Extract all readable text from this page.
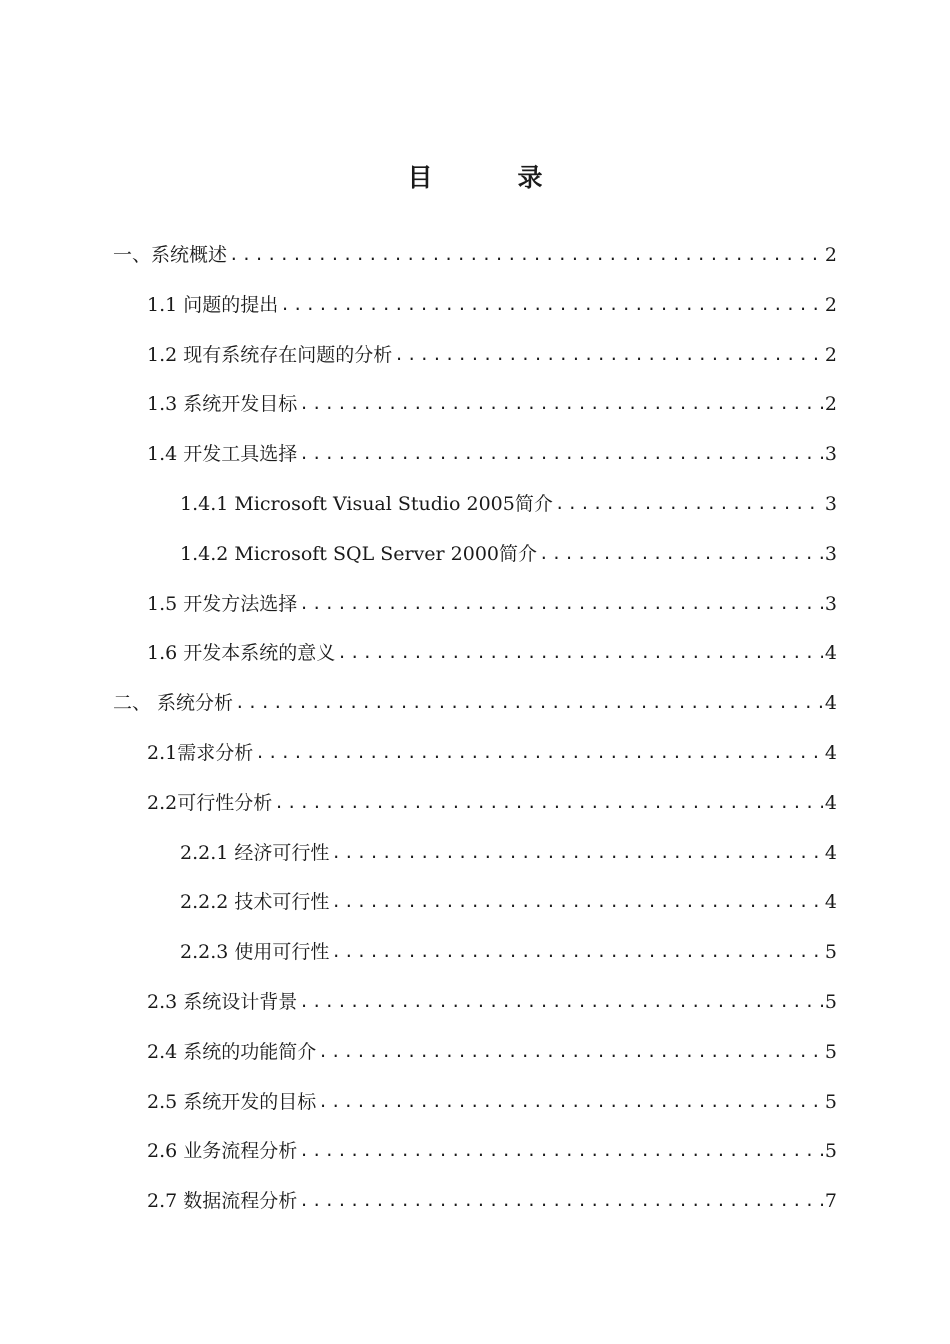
目　录
一、系统概述 .....	2
1.1 问题的提出 .....	2
1.2 现有系统存在问题的分析 .....	2
1.3 系统开发目标 .....	2
1.4 开发工具选择 .....	3
1.4.1 Microsoft Visual Studio 2005简介 .....	3
1.4.2 Microsoft SQL Server 2000简介 .....	3
1.5 开发方法选择 .....	3
1.6 开发本系统的意义 .....	4
二、 系统分析 .....	4
2.1需求分析 .....	4
2.2可行性分析 .....	4
2.2.1 经济可行性 .....	4
2.2.2 技术可行性 .....	4
2.2.3 使用可行性 .....	5
2.3 系统设计背景 .....	5
2.4 系统的功能简介 .....	5
2.5 系统开发的目标 .....	5
2.6 业务流程分析 .....	5
2.7 数据流程分析 .....	7
